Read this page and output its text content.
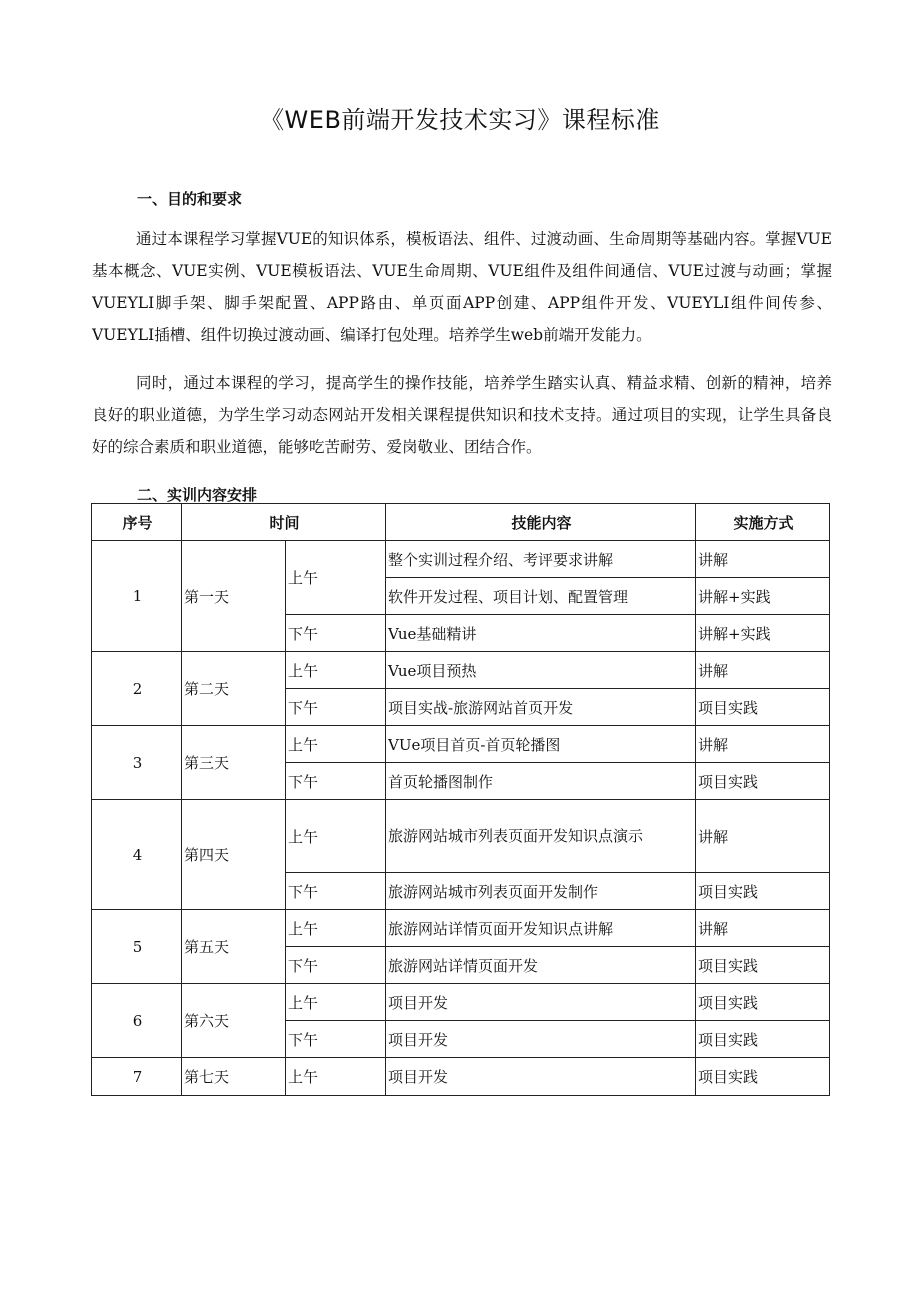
《WEB前端开发技术实习》课程标准
一、目的和要求

通过本课程学习掌握VUE的知识体系，模板语法、组件、过渡动画、生命周期等基础内容。掌握VUE基本概念、VUE实例、VUE模板语法、VUE生命周期、VUE组件及组件间通信、VUE过渡与动画；掌握VUEYLI脚手架、脚手架配置、APP路由、单页面APP创建、APP组件开发、VUEYLI组件间传参、VUEYLI插槽、组件切换过渡动画、编译打包处理。培养学生web前端开发能力。

同时，通过本课程的学习，提高学生的操作技能，培养学生踏实认真、精益求精、创新的精神，培养良好的职业道德，为学生学习动态网站开发相关课程提供知识和技术支持。通过项目的实现，让学生具备良好的综合素质和职业道德，能够吃苦耐劳、爱岗敬业、团结合作。

二、实训内容安排
序号	时间		技能内容	实施方式
1	第一天	上午	整个实训过程介绍、考评要求讲解	讲解
			软件开发过程、项目计划、配置管理	讲解+实践
		下午	Vue基础精讲	讲解+实践
2	第二天	上午	Vue项目预热	讲解
		下午	项目实战-旅游网站首页开发	项目实践
3	第三天	上午	VUe项目首页-首页轮播图	讲解
		下午	首页轮播图制作	项目实践
4	第四天	上午	旅游网站城市列表页面开发知识点演示	讲解
		下午	旅游网站城市列表页面开发制作	项目实践
5	第五天	上午	旅游网站详情页面开发知识点讲解	讲解
		下午	旅游网站详情页面开发	项目实践
6	第六天	上午	项目开发	项目实践
		下午	项目开发	项目实践
7	第七天	上午	项目开发	项目实践
